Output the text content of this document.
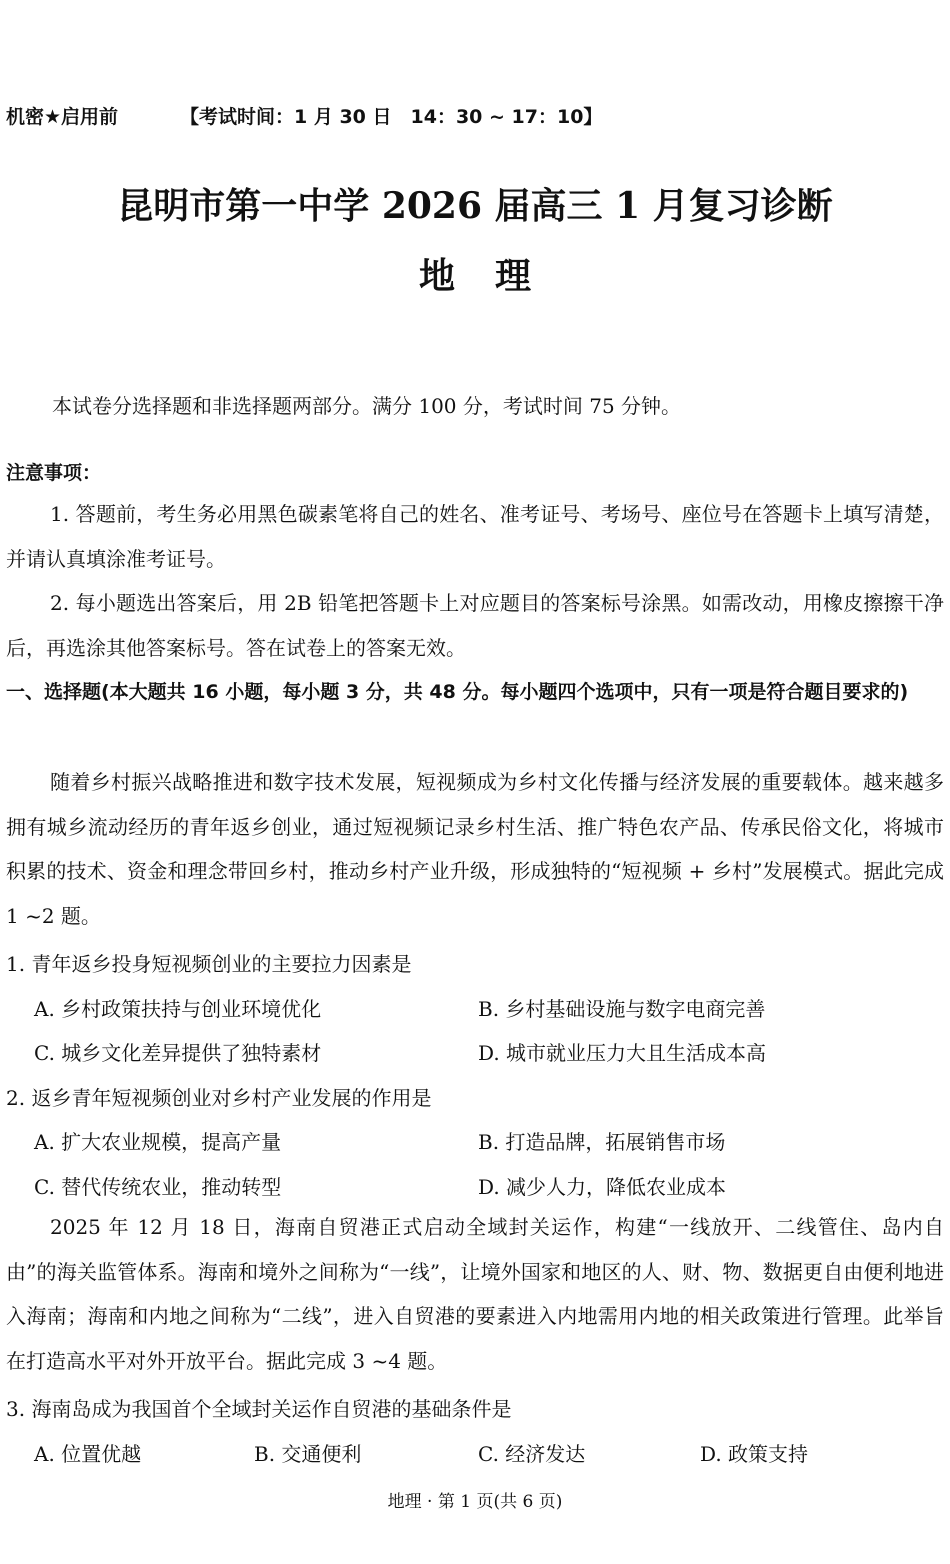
机密★启用前	【考试时间：1 月 30 日　14：30 ~ 17：10】
昆明市第一中学 2026 届高三 1 月复习诊断
地理
本试卷分选择题和非选择题两部分。满分 100 分，考试时间 75 分钟。
注意事项：
1. 答题前，考生务必用黑色碳素笔将自己的姓名、准考证号、考场号、座位号在答题卡上填写清楚，并请认真填涂准考证号。
2. 每小题选出答案后，用 2B 铅笔把答题卡上对应题目的答案标号涂黑。如需改动，用橡皮擦擦干净后，再选涂其他答案标号。答在试卷上的答案无效。
一、选择题(本大题共 16 小题，每小题 3 分，共 48 分。每小题四个选项中，只有一项是符合题目要求的)
随着乡村振兴战略推进和数字技术发展，短视频成为乡村文化传播与经济发展的重要载体。越来越多拥有城乡流动经历的青年返乡创业，通过短视频记录乡村生活、推广特色农产品、传承民俗文化，将城市积累的技术、资金和理念带回乡村，推动乡村产业升级，形成独特的“短视频 + 乡村”发展模式。据此完成 1 ~2 题。
1. 青年返乡投身短视频创业的主要拉力因素是
A. 乡村政策扶持与创业环境优化	B. 乡村基础设施与数字电商完善
C. 城乡文化差异提供了独特素材	D. 城市就业压力大且生活成本高
2. 返乡青年短视频创业对乡村产业发展的作用是
A. 扩大农业规模，提高产量	B. 打造品牌，拓展销售市场
C. 替代传统农业，推动转型	D. 减少人力，降低农业成本
2025 年 12 月 18 日，海南自贸港正式启动全域封关运作，构建“一线放开、二线管住、岛内自由”的海关监管体系。海南和境外之间称为“一线”，让境外国家和地区的人、财、物、数据更自由便利地进入海南；海南和内地之间称为“二线”，进入自贸港的要素进入内地需用内地的相关政策进行管理。此举旨在打造高水平对外开放平台。据此完成 3 ~4 题。
3. 海南岛成为我国首个全域封关运作自贸港的基础条件是
A. 位置优越	B. 交通便利	C. 经济发达	D. 政策支持
地理 · 第 1 页(共 6 页)
